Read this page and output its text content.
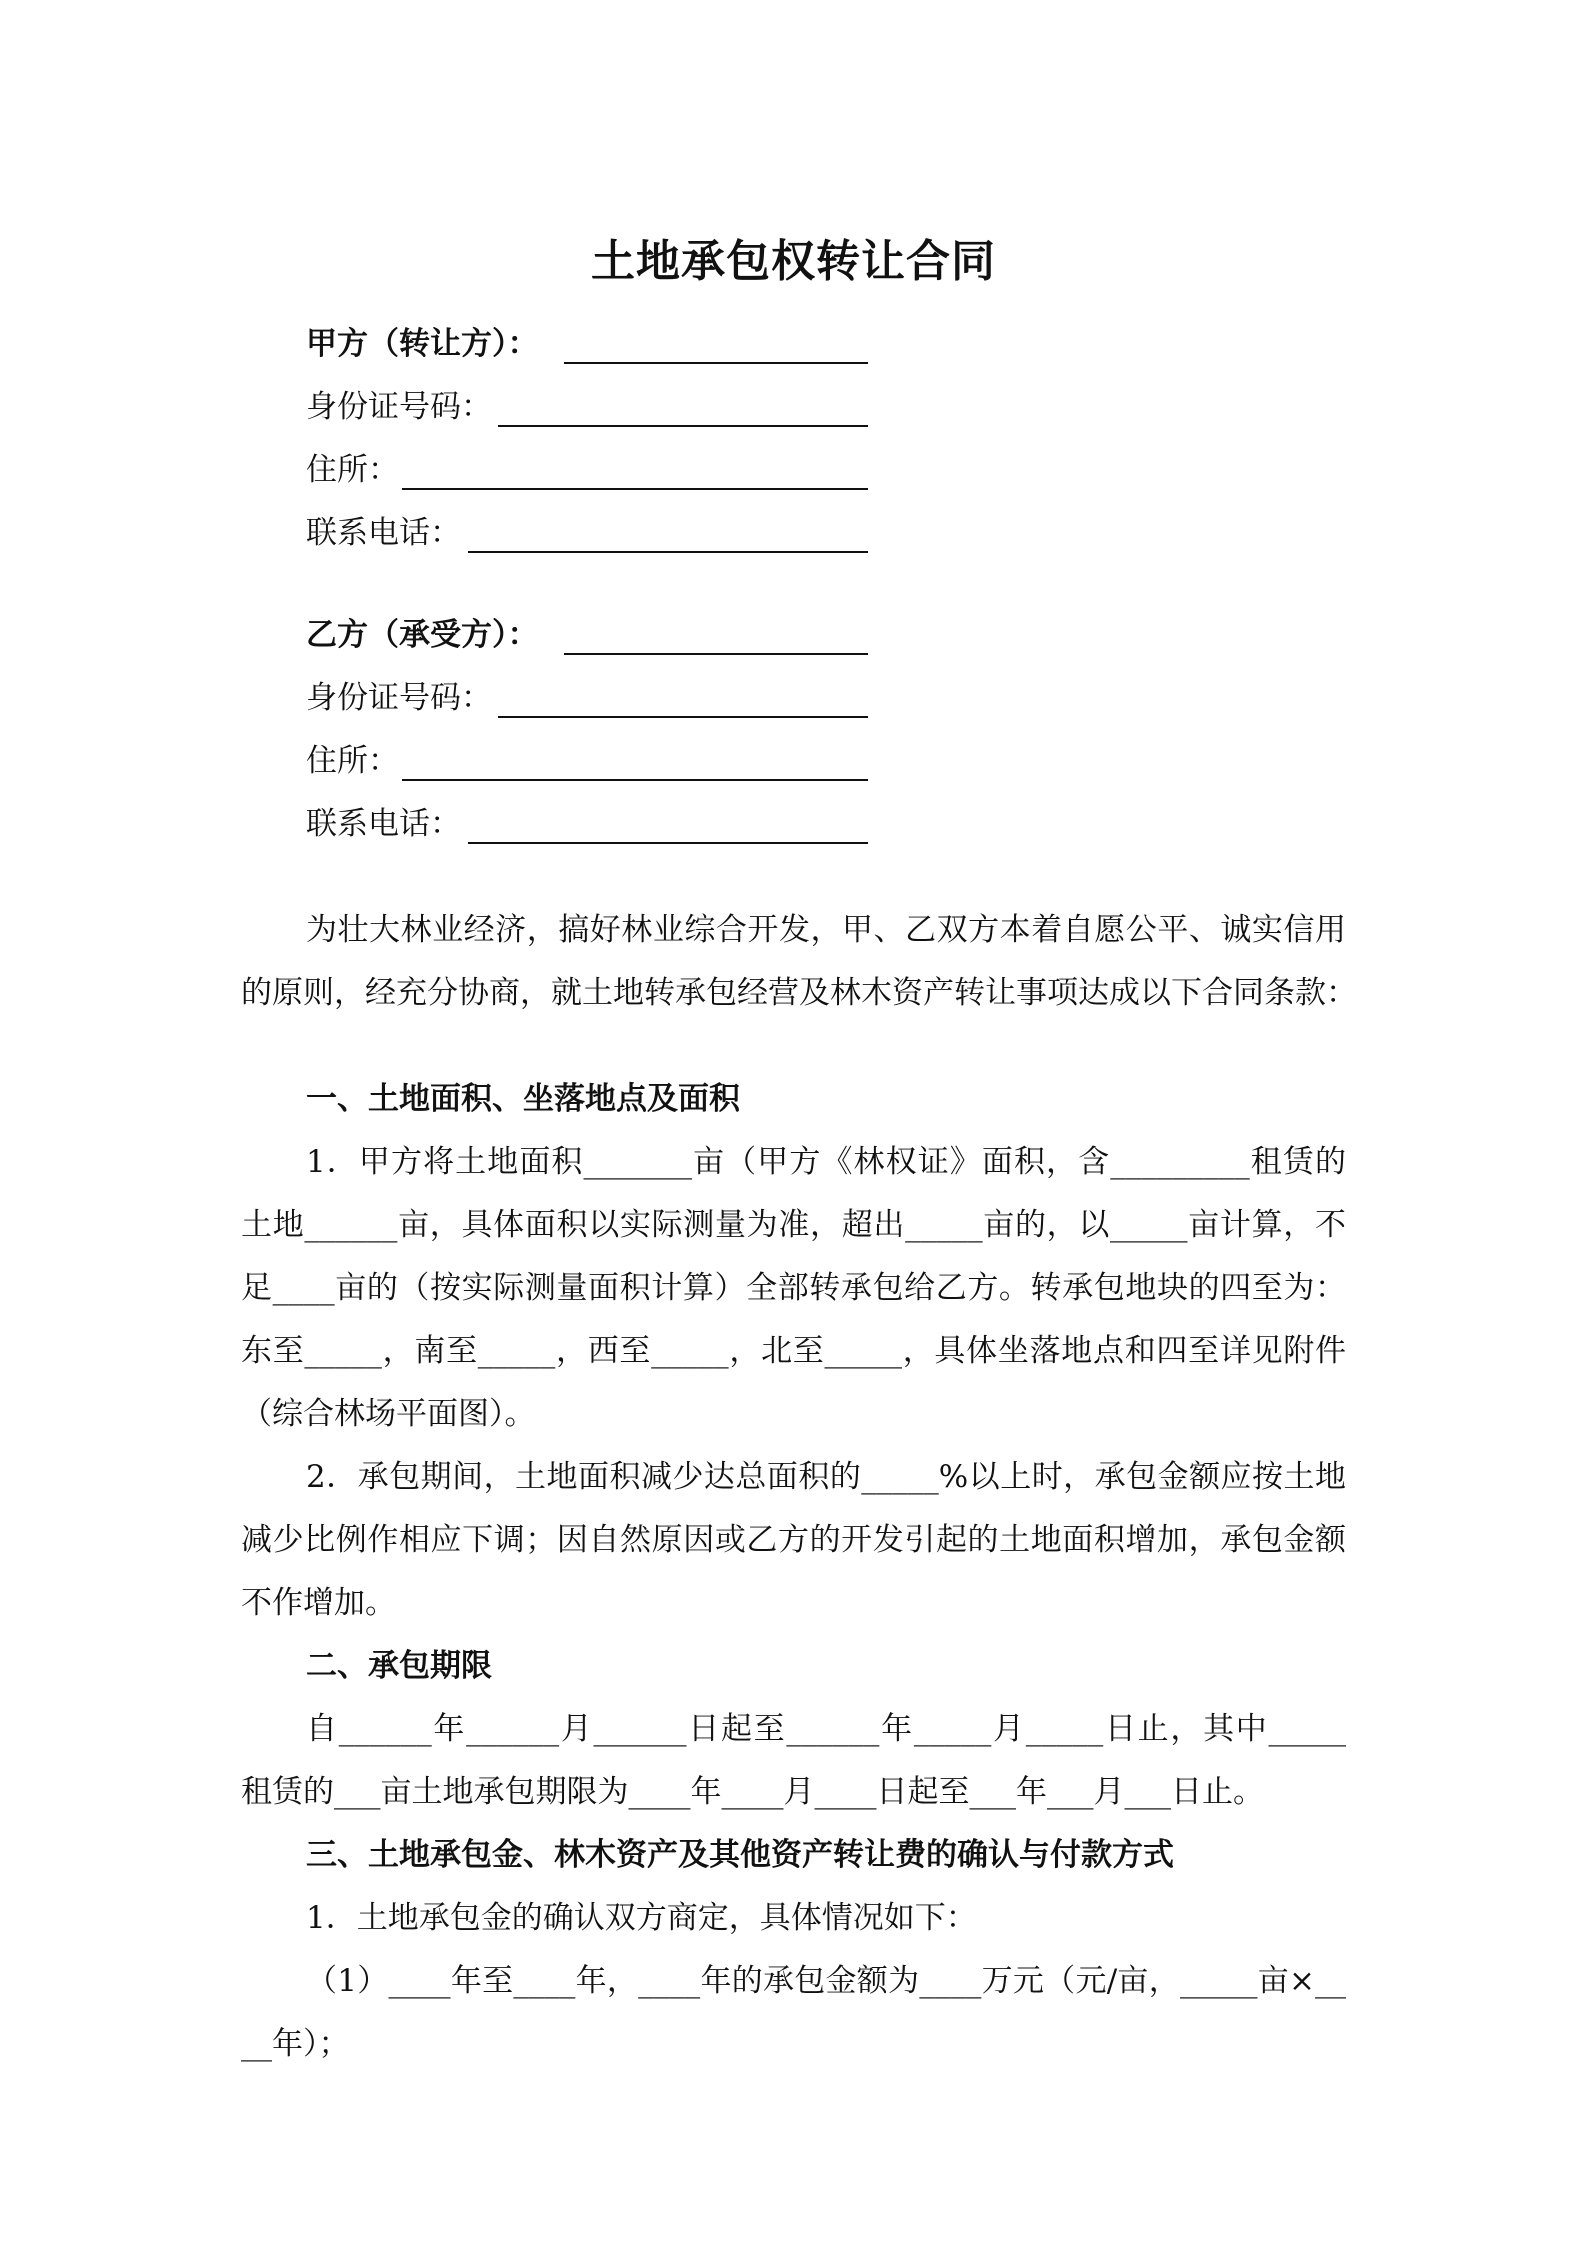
土地承包权转让合同
甲方（转让方）：
身份证号码：
住所：
联系电话：
乙方（承受方）：
身份证号码：
住所：
联系电话：
为壮大林业经济，搞好林业综合开发，甲、乙双方本着自愿公平、诚实信用
的原则，经充分协商，就土地转承包经营及林木资产转让事项达成以下合同条款：
一、土地面积、坐落地点及面积
1．甲方将土地面积_______亩（甲方《林权证》面积，含_________租赁的
土地______亩，具体面积以实际测量为准，超出_____亩的，以_____亩计算，不
足____亩的（按实际测量面积计算）全部转承包给乙方。转承包地块的四至为：
东至_____，南至_____，西至_____，北至_____，具体坐落地点和四至详见附件
（综合林场平面图）。
2．承包期间，土地面积减少达总面积的_____%以上时，承包金额应按土地
减少比例作相应下调；因自然原因或乙方的开发引起的土地面积增加，承包金额
不作增加。
二、承包期限
自______年______月______日起至______年_____月_____日止，其中_____
租赁的___亩土地承包期限为____年____月____日起至___年___月___日止。
三、土地承包金、林木资产及其他资产转让费的确认与付款方式
1．土地承包金的确认双方商定，具体情况如下：
（1）____年至____年，____年的承包金额为____万元（元/亩，_____亩×__
__年）；
